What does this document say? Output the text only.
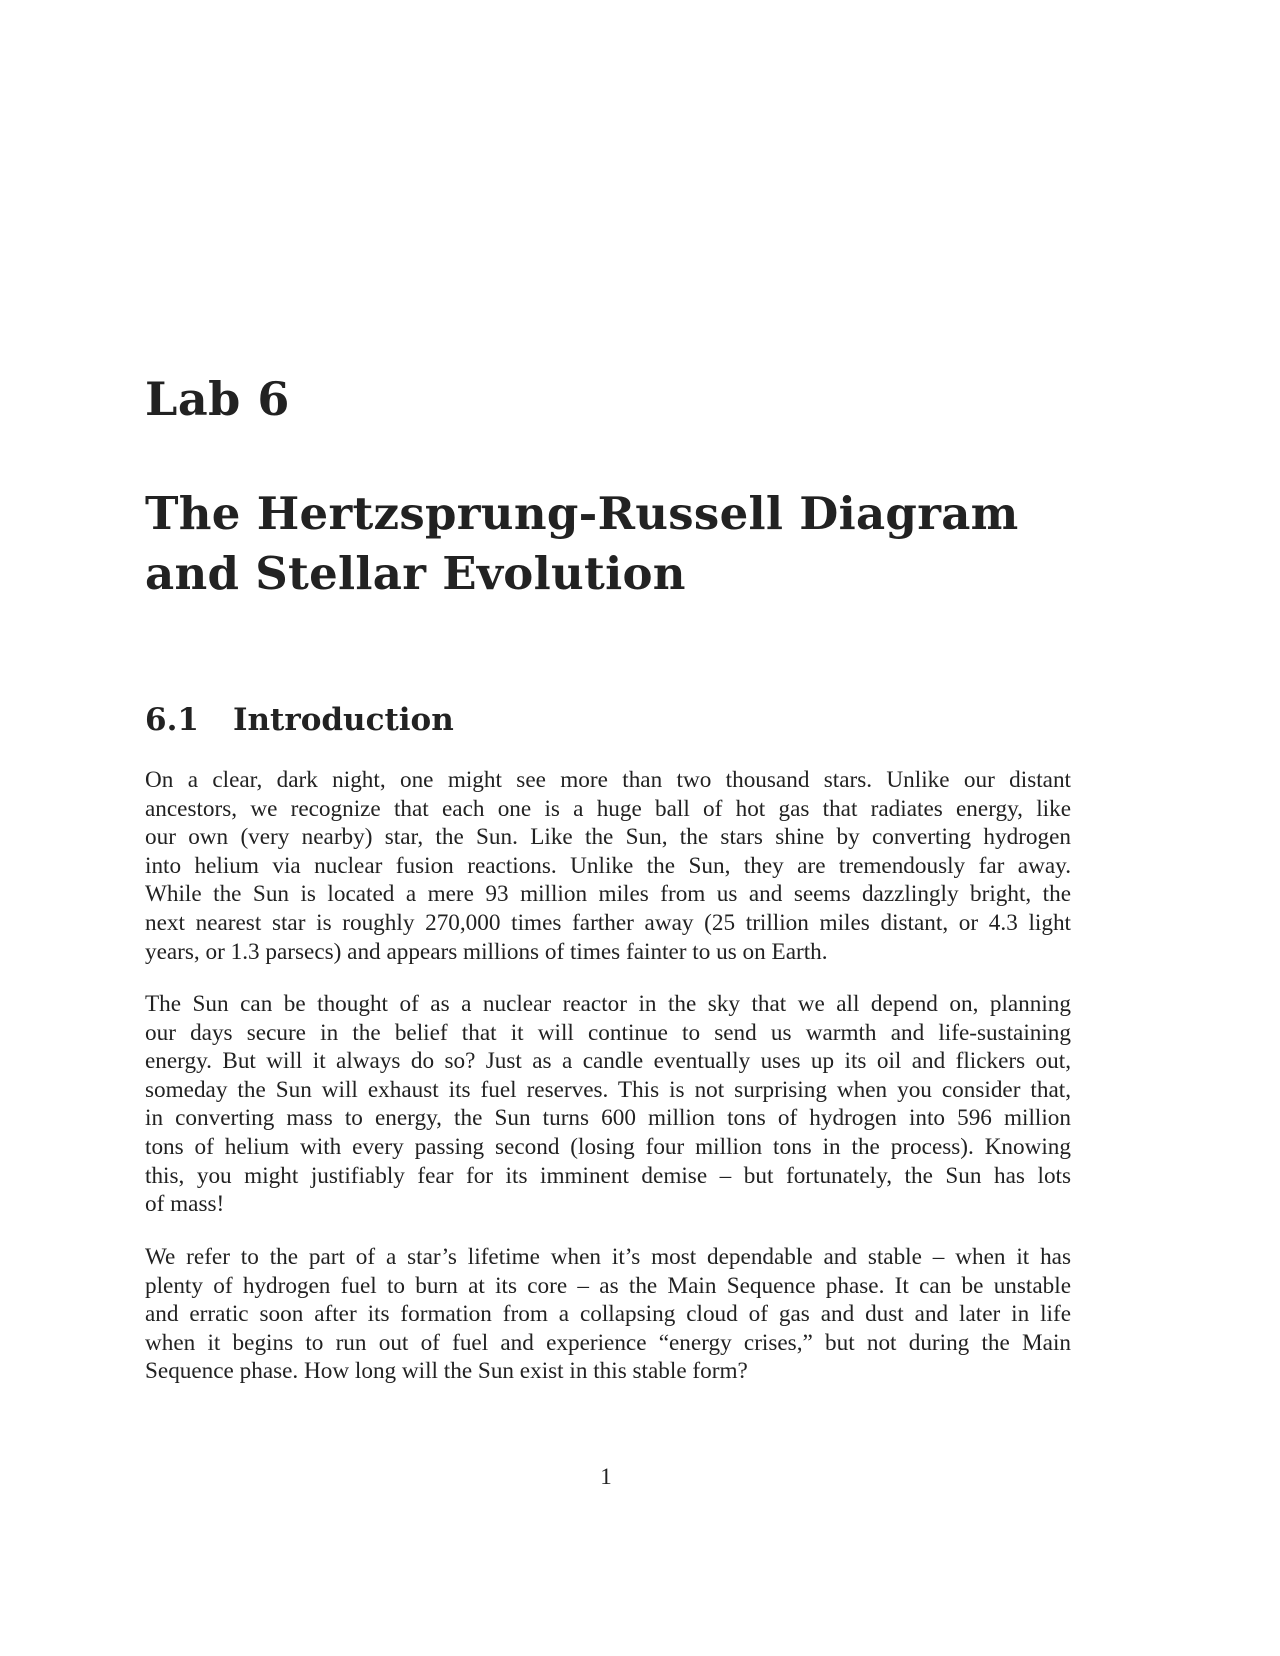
Lab 6
The Hertzsprung-Russell Diagram
and Stellar Evolution
6.1 Introduction
On a clear, dark night, one might see more than two thousand stars. Unlike our distant
ancestors, we recognize that each one is a huge ball of hot gas that radiates energy, like
our own (very nearby) star, the Sun. Like the Sun, the stars shine by converting hydrogen
into helium via nuclear fusion reactions. Unlike the Sun, they are tremendously far away.
While the Sun is located a mere 93 million miles from us and seems dazzlingly bright, the
next nearest star is roughly 270,000 times farther away (25 trillion miles distant, or 4.3 light
years, or 1.3 parsecs) and appears millions of times fainter to us on Earth.
The Sun can be thought of as a nuclear reactor in the sky that we all depend on, planning
our days secure in the belief that it will continue to send us warmth and life-sustaining
energy. But will it always do so? Just as a candle eventually uses up its oil and flickers out,
someday the Sun will exhaust its fuel reserves. This is not surprising when you consider that,
in converting mass to energy, the Sun turns 600 million tons of hydrogen into 596 million
tons of helium with every passing second (losing four million tons in the process). Knowing
this, you might justifiably fear for its imminent demise – but fortunately, the Sun has lots
of mass!
We refer to the part of a star’s lifetime when it’s most dependable and stable – when it has
plenty of hydrogen fuel to burn at its core – as the Main Sequence phase. It can be unstable
and erratic soon after its formation from a collapsing cloud of gas and dust and later in life
when it begins to run out of fuel and experience “energy crises,” but not during the Main
Sequence phase. How long will the Sun exist in this stable form?
1
